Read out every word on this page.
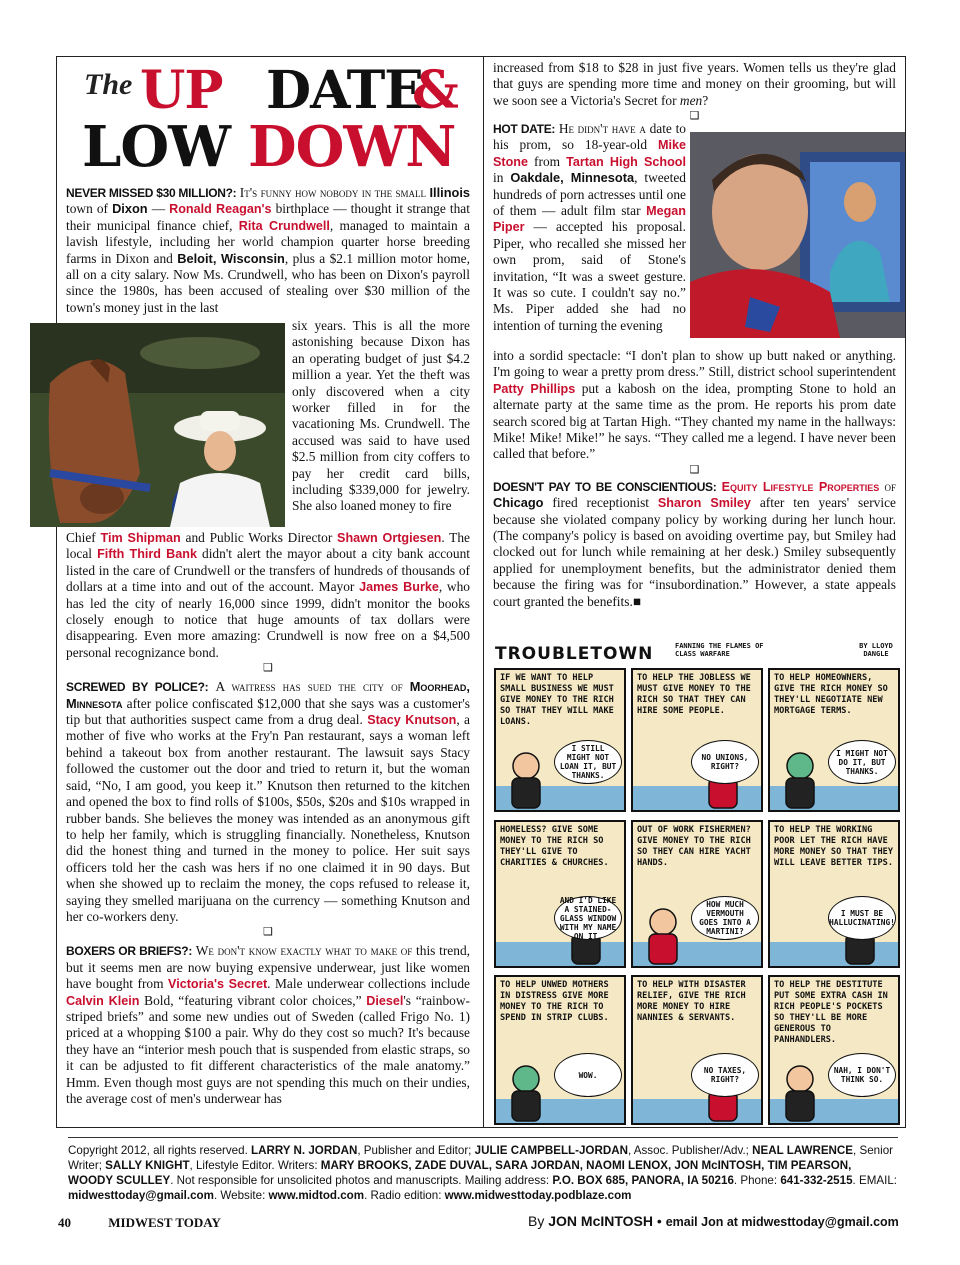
The UP DATE
&
LOW DOWN

NEVER MISSED $30 MILLION?: It's funny how nobody in the small Illinois town of Dixon — Ronald Reagan's birthplace — thought it strange that their municipal finance chief, Rita Crundwell, managed to maintain a lavish lifestyle, including her world champion quarter horse breeding farms in Dixon and Beloit, Wisconsin, plus a $2.1 million motor home, all on a city salary. Now Ms. Crundwell, who has been on Dixon's payroll since the 1980s, has been accused of stealing over $30 million of the town's money just in the last

six years. This is all the more astonishing because Dixon has an operating budget of just $4.2 million a year. Yet the theft was only discovered when a city worker filled in for the vacationing Ms. Crundwell. The accused was said to have used $2.5 million from city coffers to pay her credit card bills, including $339,000 for jewelry. She also loaned money to fire

Chief Tim Shipman and Public Works Director Shawn Ortgiesen. The local Fifth Third Bank didn't alert the mayor about a city bank account listed in the care of Crundwell or the transfers of hundreds of thousands of dollars at a time into and out of the account. Mayor James Burke, who has led the city of nearly 16,000 since 1999, didn't monitor the books closely enough to notice that huge amounts of tax dollars were disappearing. Even more amazing: Crundwell is now free on a $4,500 personal recognizance bond.

❑

SCREWED BY POLICE?: A waitress has sued the city of Moorhead, Minnesota after police confiscated $12,000 that she says was a customer's tip but that authorities suspect came from a drug deal. Stacy Knutson, a mother of five who works at the Fry'n Pan restaurant, says a woman left behind a takeout box from another restaurant. The lawsuit says Stacy followed the customer out the door and tried to return it, but the woman said, “No, I am good, you keep it.” Knutson then returned to the kitchen and opened the box to find rolls of $100s, $50s, $20s and $10s wrapped in rubber bands. She believes the money was intended as an anonymous gift to help her family, which is struggling financially. Nonetheless, Knutson did the honest thing and turned in the money to police. Her suit says officers told her the cash was hers if no one claimed it in 90 days. But when she showed up to reclaim the money, the cops refused to release it, saying they smelled marijuana on the currency — something Knutson and her co-workers deny.

❑

BOXERS OR BRIEFS?: We don't know exactly what to make of this trend, but it seems men are now buying expensive underwear, just like women have bought from Victoria's Secret. Male underwear collections include Calvin Klein Bold, “featuring vibrant color choices,” Diesel's “rainbow-striped briefs” and some new undies out of Sweden (called Frigo No. 1) priced at a whopping $100 a pair. Why do they cost so much? It's because they have an “interior mesh pouch that is suspended from elastic straps, so it can be adjusted to fit different characteristics of the male anatomy.” Hmm. Even though most guys are not spending this much on their undies, the average cost of men's underwear has

increased from $18 to $28 in just five years. Women tells us they're glad that guys are spending more time and money on their grooming, but will we soon see a Victoria's Secret for men?

❑

HOT DATE: He didn't have a date to his prom, so 18-year-old Mike Stone from Tartan High School in Oakdale, Minnesota, tweeted hundreds of porn actresses until one of them — adult film star Megan Piper — accepted his proposal. Piper, who recalled she missed her own prom, said of Stone's invitation, “It was a sweet gesture. It was so cute. I couldn't say no.” Ms. Piper added she had no intention of turning the evening

into a sordid spectacle: “I don't plan to show up butt naked or anything. I'm going to wear a pretty prom dress.” Still, district school superintendent Patty Phillips put a kabosh on the idea, prompting Stone to hold an alternate party at the same time as the prom. He reports his prom date search scored big at Tartan High. “They chanted my name in the hallways: Mike! Mike! Mike!” he says. “They called me a legend. I have never been called that before.”

❑

DOESN'T PAY TO BE CONSCIENTIOUS: Equity Lifestyle Properties of Chicago fired receptionist Sharon Smiley after ten years' service because she violated company policy by working during her lunch hour. (The company's policy is based on avoiding overtime pay, but Smiley had clocked out for lunch while remaining at her desk.) Smiley subsequently applied for unemployment benefits, but the administrator denied them because the firing was for “insubordination.” However, a state appeals court granted the benefits.■

TROUBLETOWN	FANNING THE FLAMES OF CLASS WARFARE
BY LLOYD DANGLE
IF WE WANT TO HELP SMALL BUSINESS WE MUST GIVE MONEY TO THE RICH SO THAT THEY WILL MAKE LOANS.
I STILL MIGHT NOT LOAN IT, BUT THANKS.
TO HELP THE JOBLESS WE MUST GIVE MONEY TO THE RICH SO THAT THEY CAN HIRE SOME PEOPLE.
NO UNIONS, RIGHT?
TO HELP HOMEOWNERS, GIVE THE RICH MONEY SO THEY'LL NEGOTIATE NEW MORTGAGE TERMS.
I MIGHT NOT DO IT, BUT THANKS.
HOMELESS? GIVE SOME MONEY TO THE RICH SO THEY'LL GIVE TO CHARITIES & CHURCHES.
AND I'D LIKE A STAINED-GLASS WINDOW WITH MY NAME ON IT.
OUT OF WORK FISHERMEN? GIVE MONEY TO THE RICH SO THEY CAN HIRE YACHT HANDS.
HOW MUCH VERMOUTH GOES INTO A MARTINI?
TO HELP THE WORKING POOR LET THE RICH HAVE MORE MONEY SO THAT THEY WILL LEAVE BETTER TIPS.
I MUST BE HALLUCINATING!
TO HELP UNWED MOTHERS IN DISTRESS GIVE MORE MONEY TO THE RICH TO SPEND IN STRIP CLUBS.
WOW.
TO HELP WITH DISASTER RELIEF, GIVE THE RICH MORE MONEY TO HIRE NANNIES & SERVANTS.
NO TAXES, RIGHT?
TO HELP THE DESTITUTE PUT SOME EXTRA CASH IN RICH PEOPLE'S POCKETS SO THEY'LL BE MORE GENEROUS TO PANHANDLERS.
NAH, I DON'T THINK SO.
Copyright 2012, all rights reserved. LARRY N. JORDAN, Publisher and Editor; JULIE CAMPBELL-JORDAN, Assoc. Publisher/Adv.; NEAL LAWRENCE, Senior Writer; SALLY KNIGHT, Lifestyle Editor. Writers: MARY BROOKS, ZADE DUVAL, SARA JORDAN, NAOMI LENOX, JON McINTOSH, TIM PEARSON, WOODY SCULLEY. Not responsible for unsolicited photos and manuscripts. Mailing address: P.O. BOX 685, PANORA, IA 50216. Phone: 641-332-2515. EMAIL: midwesttoday@gmail.com. Website: www.midtod.com. Radio edition: www.midwesttoday.podblaze.com
40	MIDWEST TODAY	By JON McINTOSH • email Jon at midwesttoday@gmail.com
